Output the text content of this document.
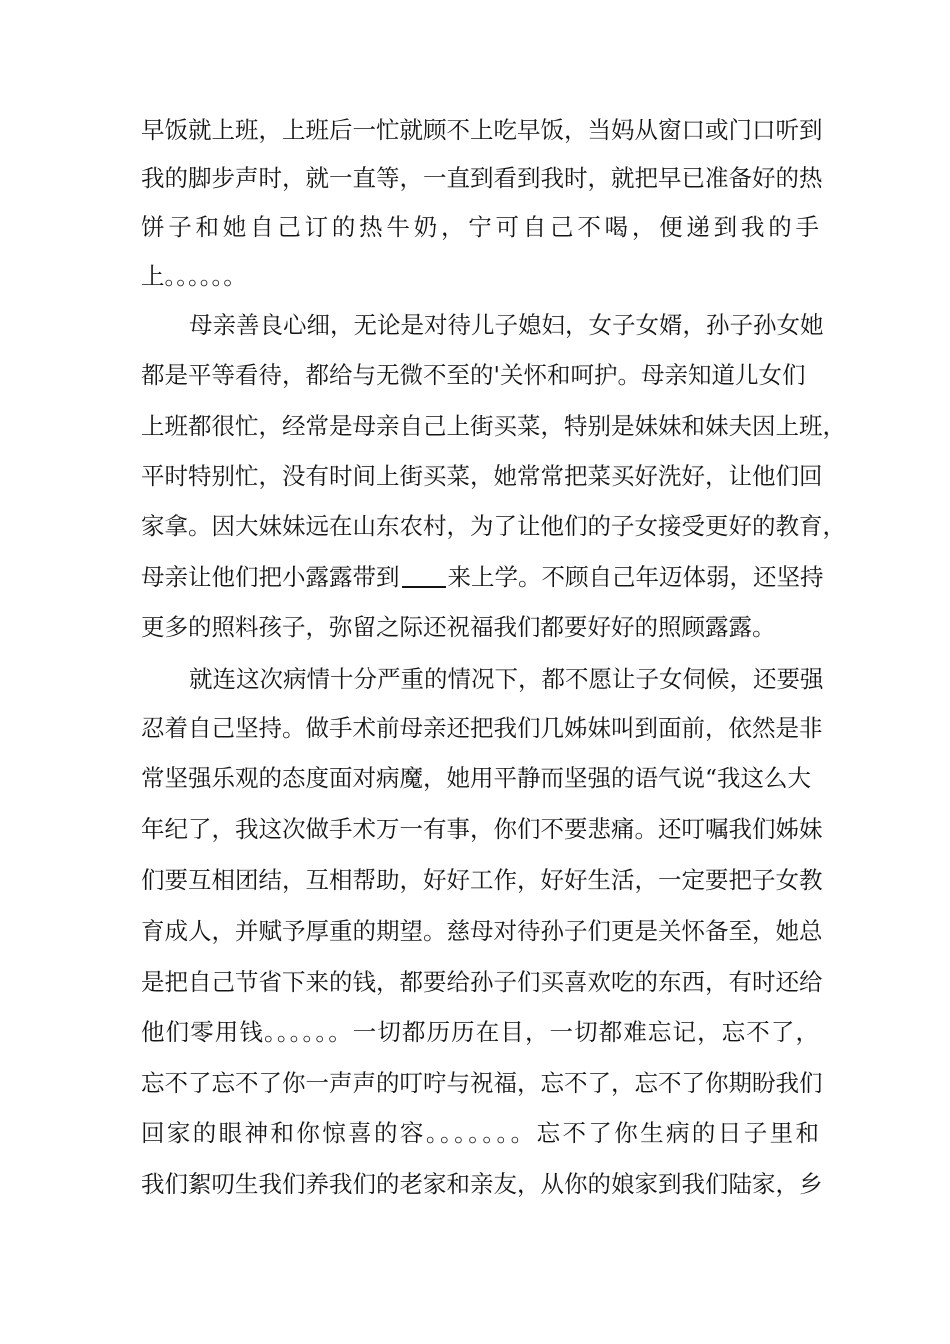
早饭就上班，上班后一忙就顾不上吃早饭，当妈从窗口或门口听到

我的脚步声时，就一直等，一直到看到我时，就把早已准备好的热

饼子和她自己订的热牛奶，宁可自己不喝，便递到我的手

上。。。。。。

母亲善良心细，无论是对待儿子媳妇，女子女婿，孙子孙女她

都是平等看待，都给与无微不至的'关怀和呵护。母亲知道儿女们

上班都很忙，经常是母亲自己上街买菜，特别是妹妹和妹夫因上班，

平时特别忙，没有时间上街买菜，她常常把菜买好洗好，让他们回

家拿。因大妹妹远在山东农村，为了让他们的子女接受更好的教育，

母亲让他们把小露露带到 来上学。不顾自己年迈体弱，还坚持

更多的照料孩子，弥留之际还祝福我们都要好好的照顾露露。

就连这次病情十分严重的情况下，都不愿让子女伺候，还要强

忍着自己坚持。做手术前母亲还把我们几姊妹叫到面前，依然是非

常坚强乐观的态度面对病魔，她用平静而坚强的语气说“我这么大

年纪了，我这次做手术万一有事，你们不要悲痛。还叮嘱我们姊妹

们要互相团结，互相帮助，好好工作，好好生活，一定要把子女教

育成人，并赋予厚重的期望。慈母对待孙子们更是关怀备至，她总

是把自己节省下来的钱，都要给孙子们买喜欢吃的东西，有时还给

他们零用钱。。。。。。一切都历历在目，一切都难忘记，忘不了，

忘不了忘不了你一声声的叮咛与祝福，忘不了，忘不了你期盼我们

回家的眼神和你惊喜的容。。。。。。。忘不了你生病的日子里和

我们絮叨生我们养我们的老家和亲友，从你的娘家到我们陆家，乡
